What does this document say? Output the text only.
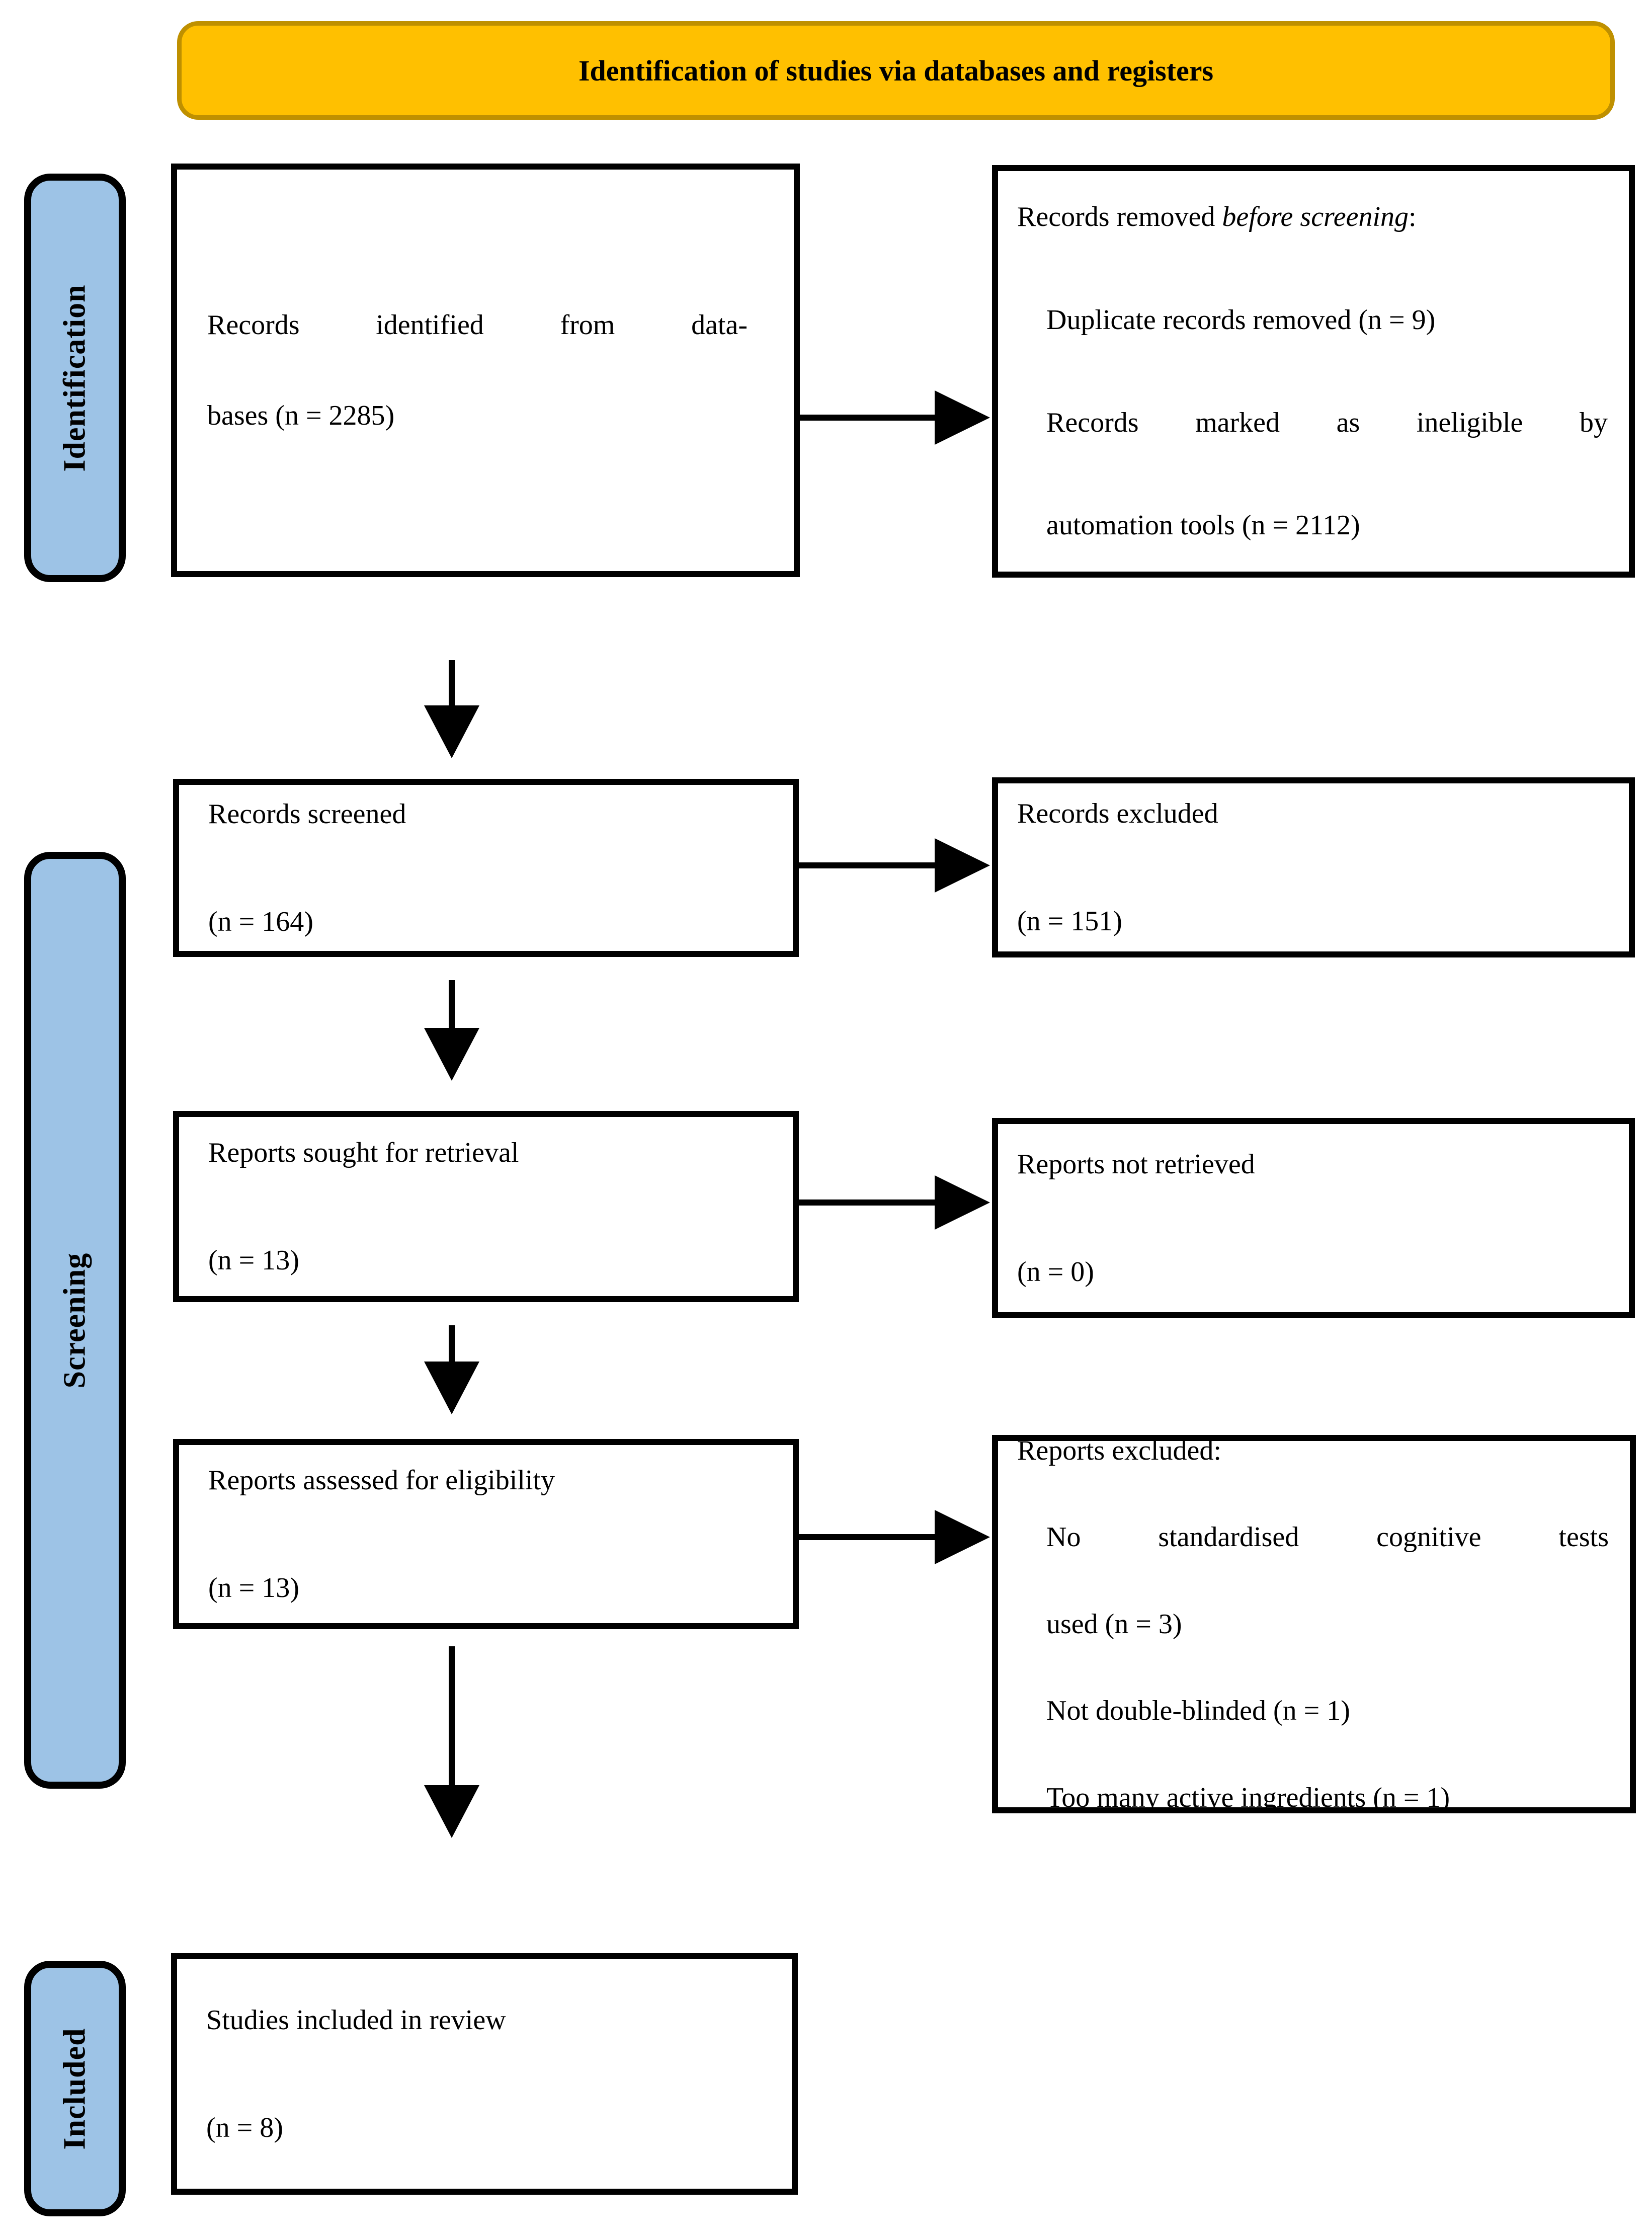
Identification of studies via databases and registers
Identification
Screening
Included
Records identified from data-
bases (n = 2285)
Records removed before screening:
Duplicate records removed (n = 9)
Records marked as ineligible by
automation tools (n = 2112)
Records screened
(n = 164)
Records excluded
(n = 151)
Reports sought for retrieval
(n = 13)
Reports not retrieved
(n = 0)
Reports assessed for eligibility
(n = 13)
Reports excluded:
No standardised cognitive tests
used (n = 3)
Not double-blinded (n = 1)
Too many active ingredients (n = 1)
Studies included in review
(n = 8)
